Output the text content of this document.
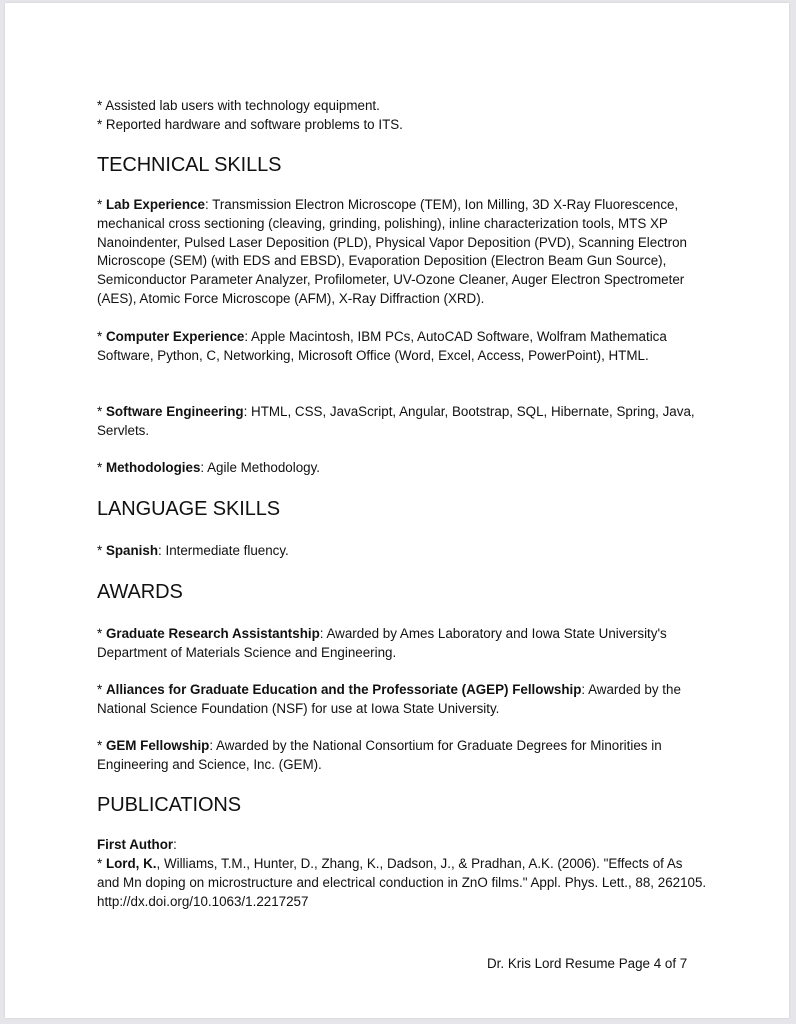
* Assisted lab users with technology equipment.
* Reported hardware and software problems to ITS.
TECHNICAL SKILLS
* Lab Experience: Transmission Electron Microscope (TEM), Ion Milling, 3D X-Ray Fluorescence, mechanical cross sectioning (cleaving, grinding, polishing), inline characterization tools, MTS XP Nanoindenter, Pulsed Laser Deposition (PLD), Physical Vapor Deposition (PVD), Scanning Electron Microscope (SEM) (with EDS and EBSD), Evaporation Deposition (Electron Beam Gun Source), Semiconductor Parameter Analyzer, Profilometer, UV-Ozone Cleaner, Auger Electron Spectrometer (AES), Atomic Force Microscope (AFM), X-Ray Diffraction (XRD).
* Computer Experience: Apple Macintosh, IBM PCs, AutoCAD Software, Wolfram Mathematica Software, Python, C, Networking, Microsoft Office (Word, Excel, Access, PowerPoint), HTML.
* Software Engineering: HTML, CSS, JavaScript, Angular, Bootstrap, SQL, Hibernate, Spring, Java, Servlets.
* Methodologies: Agile Methodology.
LANGUAGE SKILLS
* Spanish: Intermediate fluency.
AWARDS
* Graduate Research Assistantship: Awarded by Ames Laboratory and Iowa State University's Department of Materials Science and Engineering.
* Alliances for Graduate Education and the Professoriate (AGEP) Fellowship: Awarded by the National Science Foundation (NSF) for use at Iowa State University.
* GEM Fellowship: Awarded by the National Consortium for Graduate Degrees for Minorities in Engineering and Science, Inc. (GEM).
PUBLICATIONS
First Author:
* Lord, K., Williams, T.M., Hunter, D., Zhang, K., Dadson, J., & Pradhan, A.K. (2006). "Effects of As and Mn doping on microstructure and electrical conduction in ZnO films." Appl. Phys. Lett., 88, 262105. http://dx.doi.org/10.1063/1.2217257
Dr. Kris Lord Resume Page 4 of 7
